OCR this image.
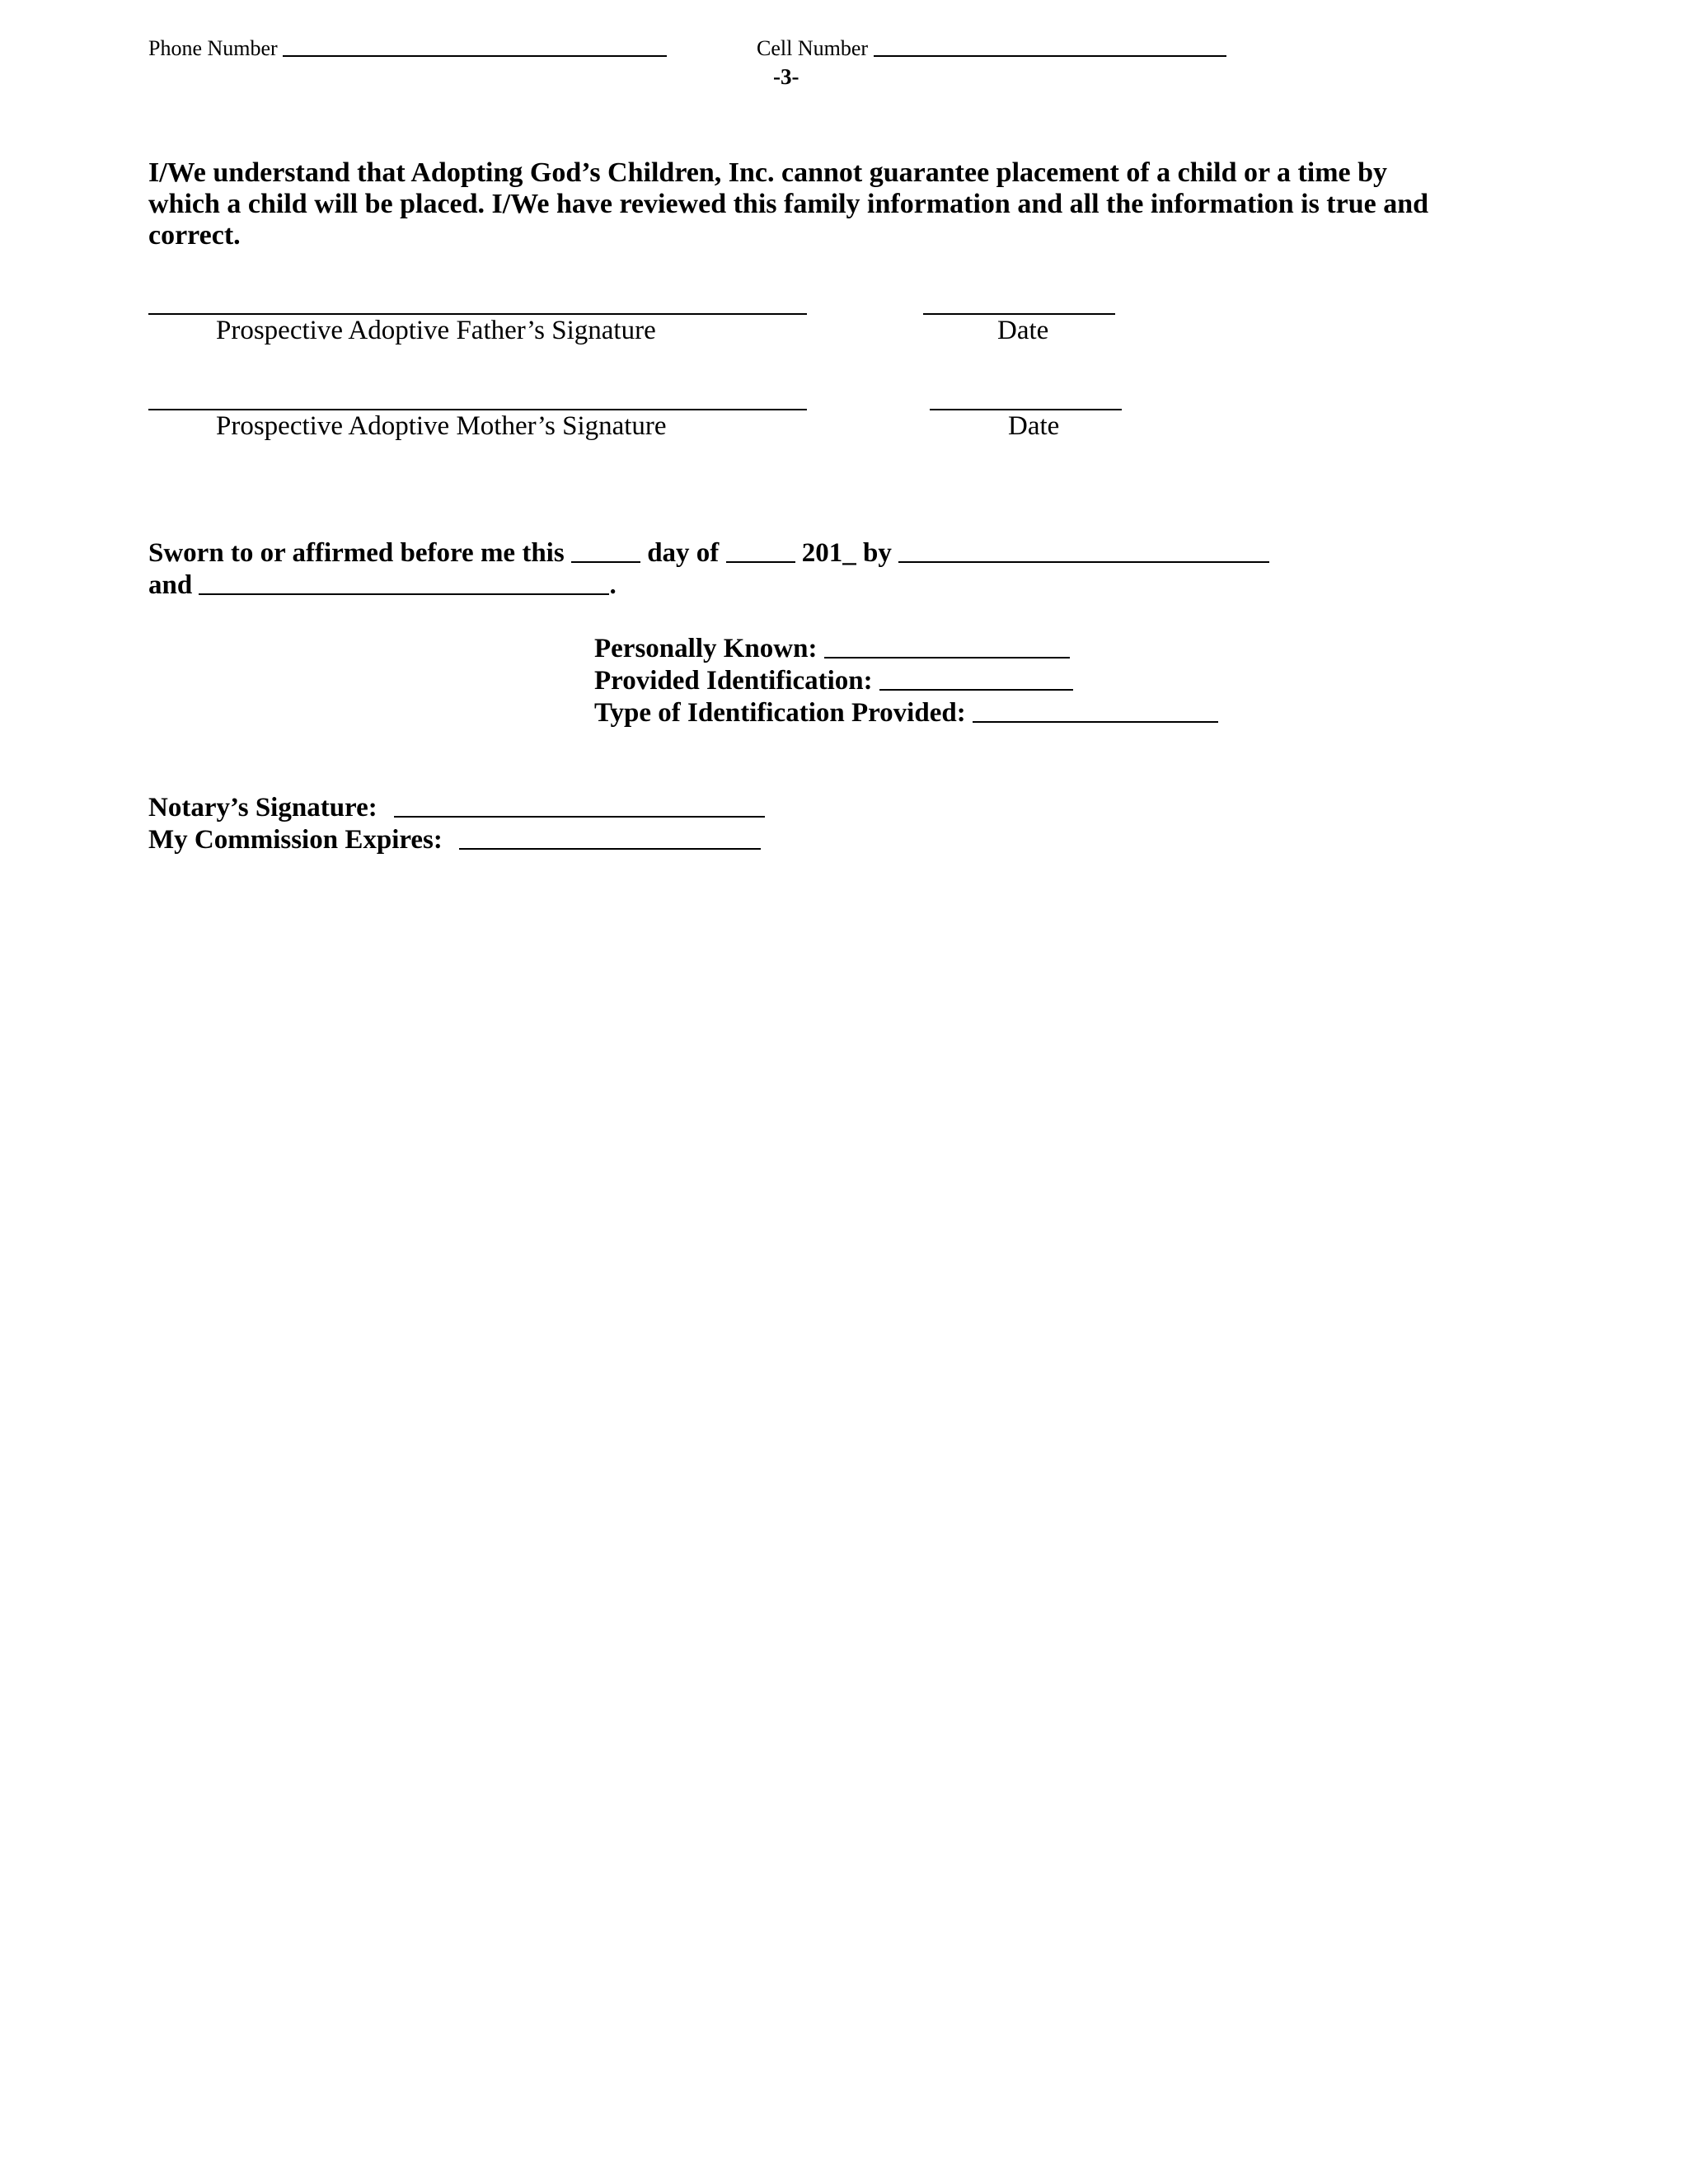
Phone Number	Cell Number
-3-
I/We understand that Adopting God’s Children, Inc. cannot guarantee placement of a child or a time by
which a child will be placed. I/We have reviewed this family information and all the information is true and
correct.
Prospective Adoptive Father’s Signature	Date
Prospective Adoptive Mother’s Signature	Date
Sworn to or affirmed before me this	day of	201_ by
and	.
Personally Known:
Provided Identification:
Type of Identification Provided:
Notary’s Signature:
My Commission Expires:
